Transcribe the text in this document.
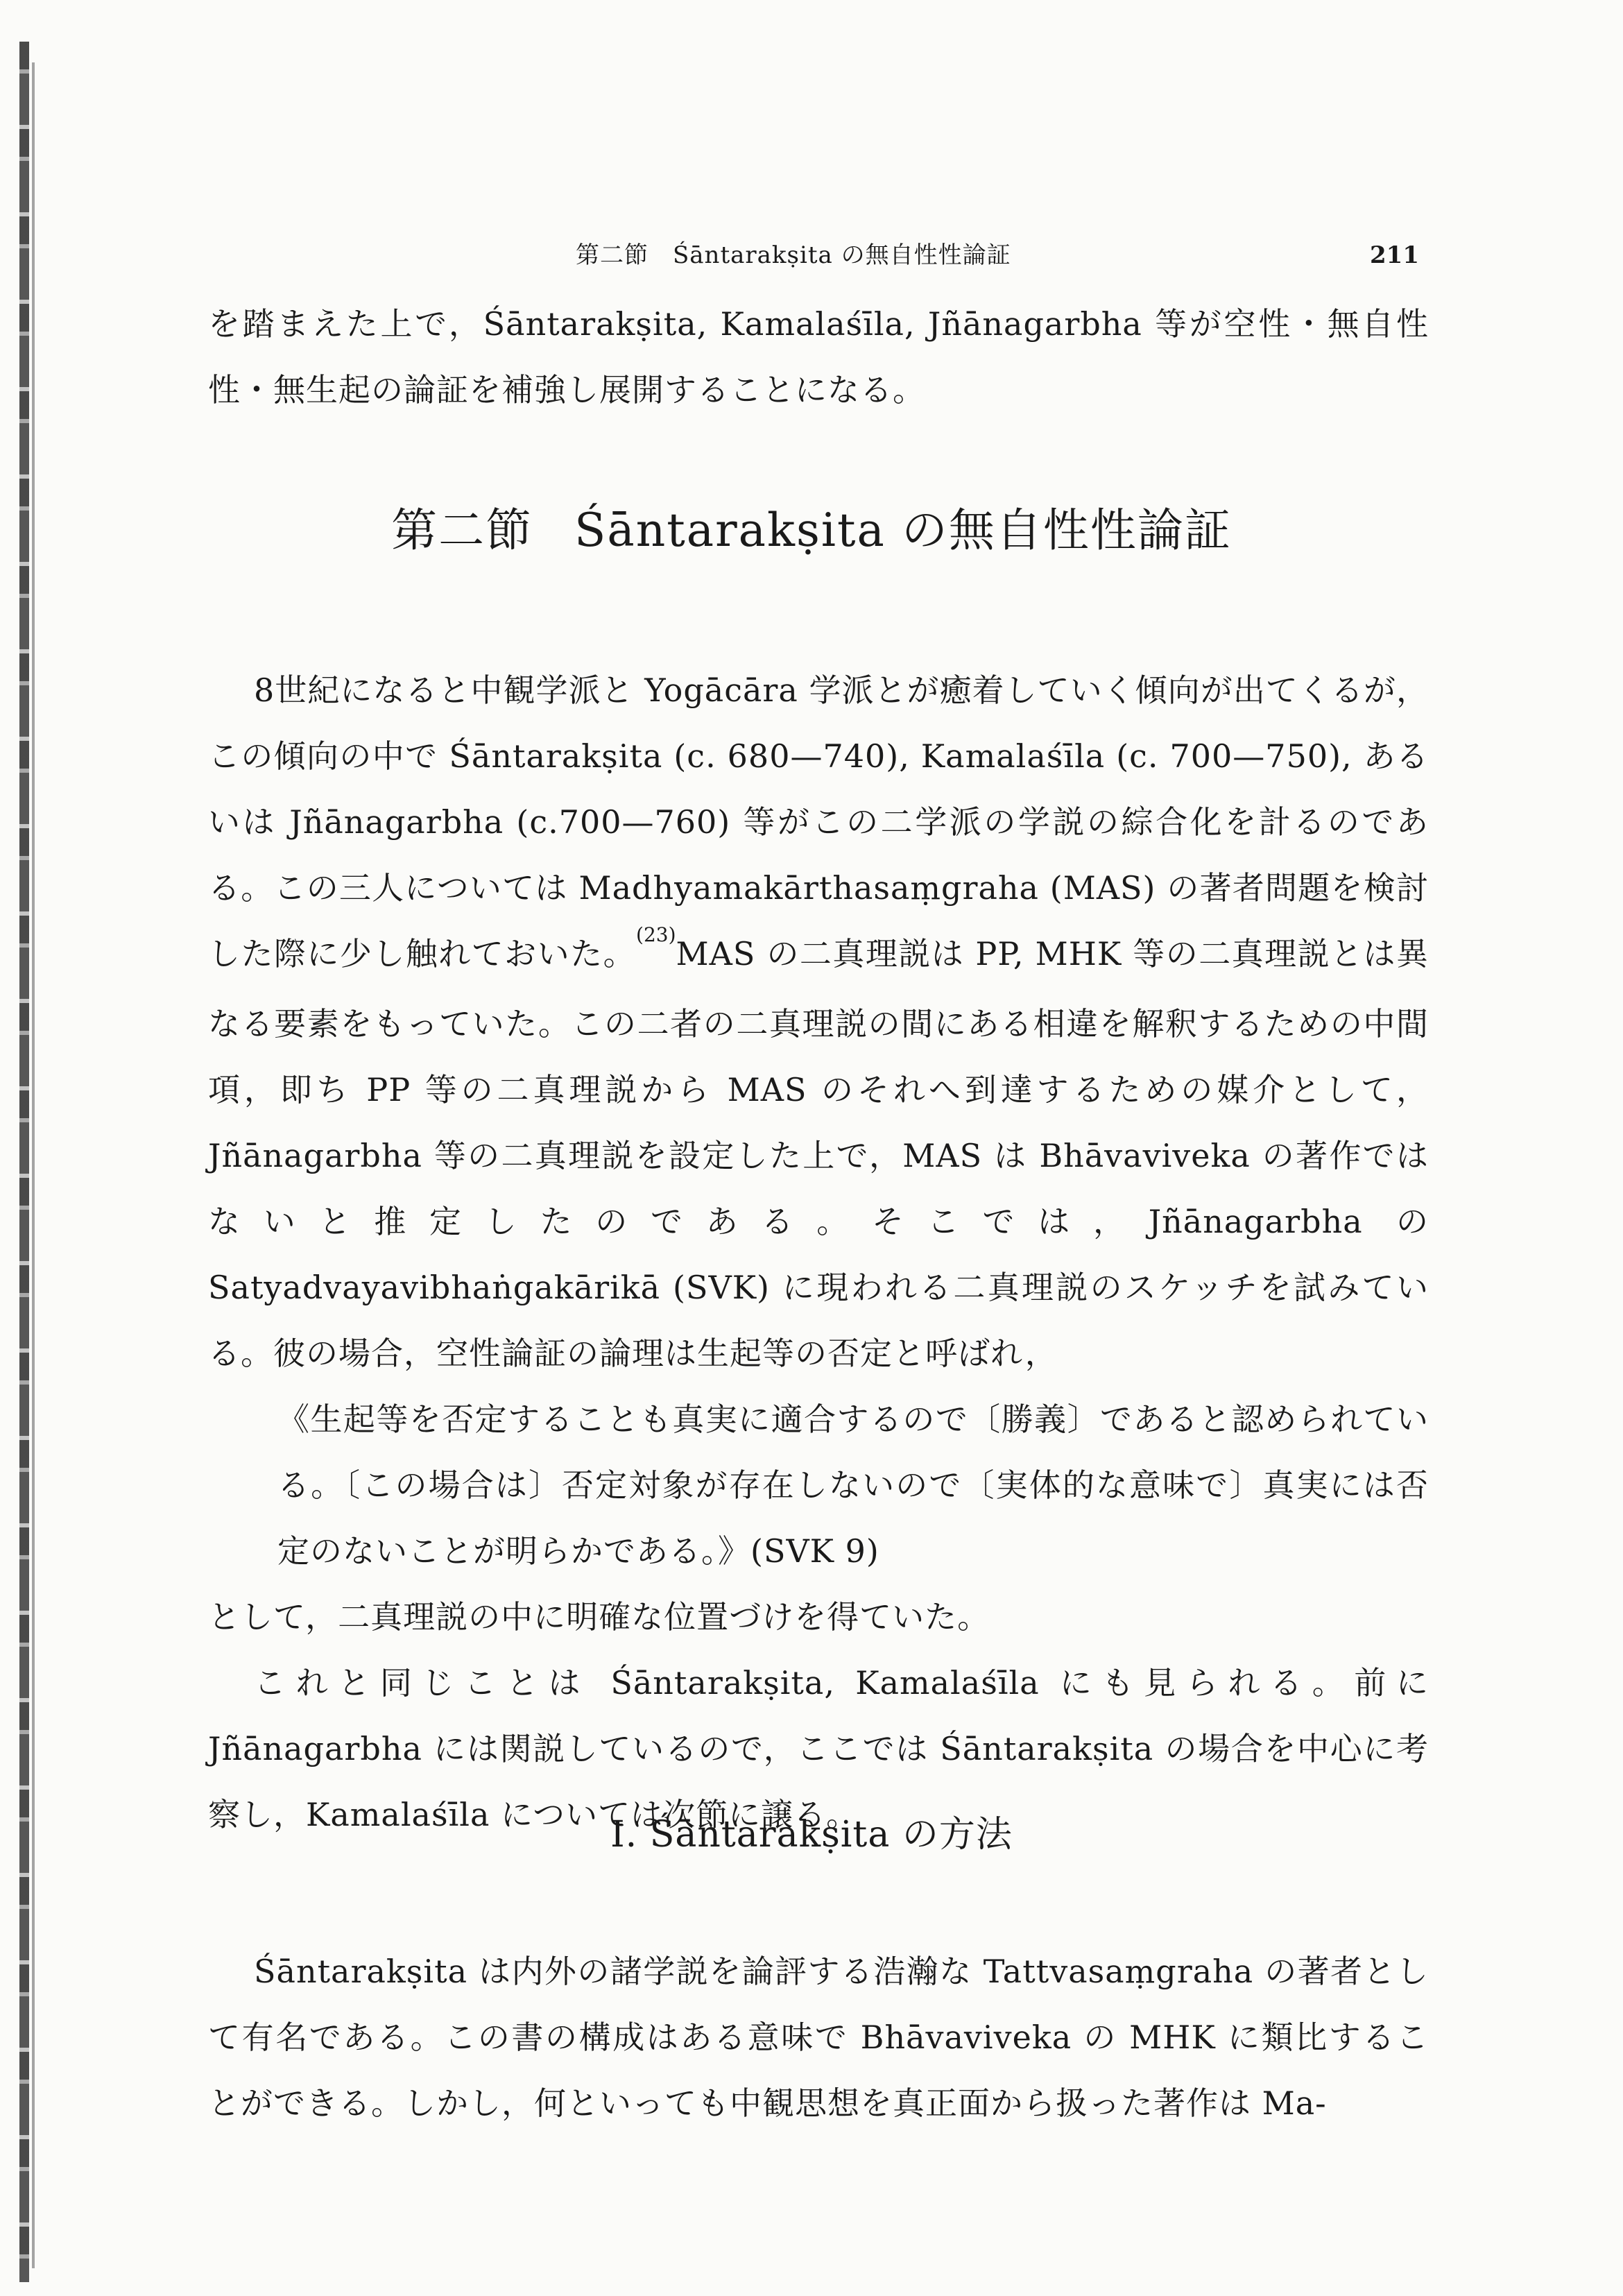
第二節　Śāntarakṣita の無自性性論証	211

を踏まえた上で，Śāntarakṣita, Kamalaśīla, Jñānagarbha 等が空性・無自性性・無生起の論証を補強し展開することになる。

第二節 Śāntarakṣita の無自性性論証

8世紀になると中観学派と Yogācāra 学派とが癒着していく傾向が出てくるが，この傾向の中で Śāntarakṣita (c. 680—740), Kamalaśīla (c. 700—750), あるいは Jñānagarbha (c.700—760) 等がこの二学派の学説の綜合化を計るのである。この三人については Madhyamakārthasaṃgraha (MAS) の著者問題を検討した際に少し触れておいた。$^{(23)}$MAS の二真理説は PP, MHK 等の二真理説とは異なる要素をもっていた。この二者の二真理説の間にある相違を解釈するための中間項，即ち PP 等の二真理説から MAS のそれへ到達するための媒介として，Jñānagarbha 等の二真理説を設定した上で，MAS は Bhāvaviveka の著作ではないと推定したのである。そこでは，Jñānagarbha の Satyadvayavibhaṅgakārikā (SVK) に現われる二真理説のスケッチを試みている。彼の場合，空性論証の論理は生起等の否定と呼ばれ，

《生起等を否定することも真実に適合するので〔勝義〕であると認められている。〔この場合は〕否定対象が存在しないので〔実体的な意味で〕真実には否定のないことが明らかである。》(SVK 9)

として，二真理説の中に明確な位置づけを得ていた。

これと同じことは Śāntarakṣita, Kamalaśīla にも見られる。前に Jñānagarbha には関説しているので，ここでは Śāntarakṣita の場合を中心に考察し，Kamalaśīla については次節に譲る。

I. Śāntarakṣita の方法

Śāntarakṣita は内外の諸学説を論評する浩瀚な Tattvasaṃgraha の著者として有名である。この書の構成はある意味で Bhāvaviveka の MHK に類比することができる。しかし，何といっても中観思想を真正面から扱った著作は Ma-
